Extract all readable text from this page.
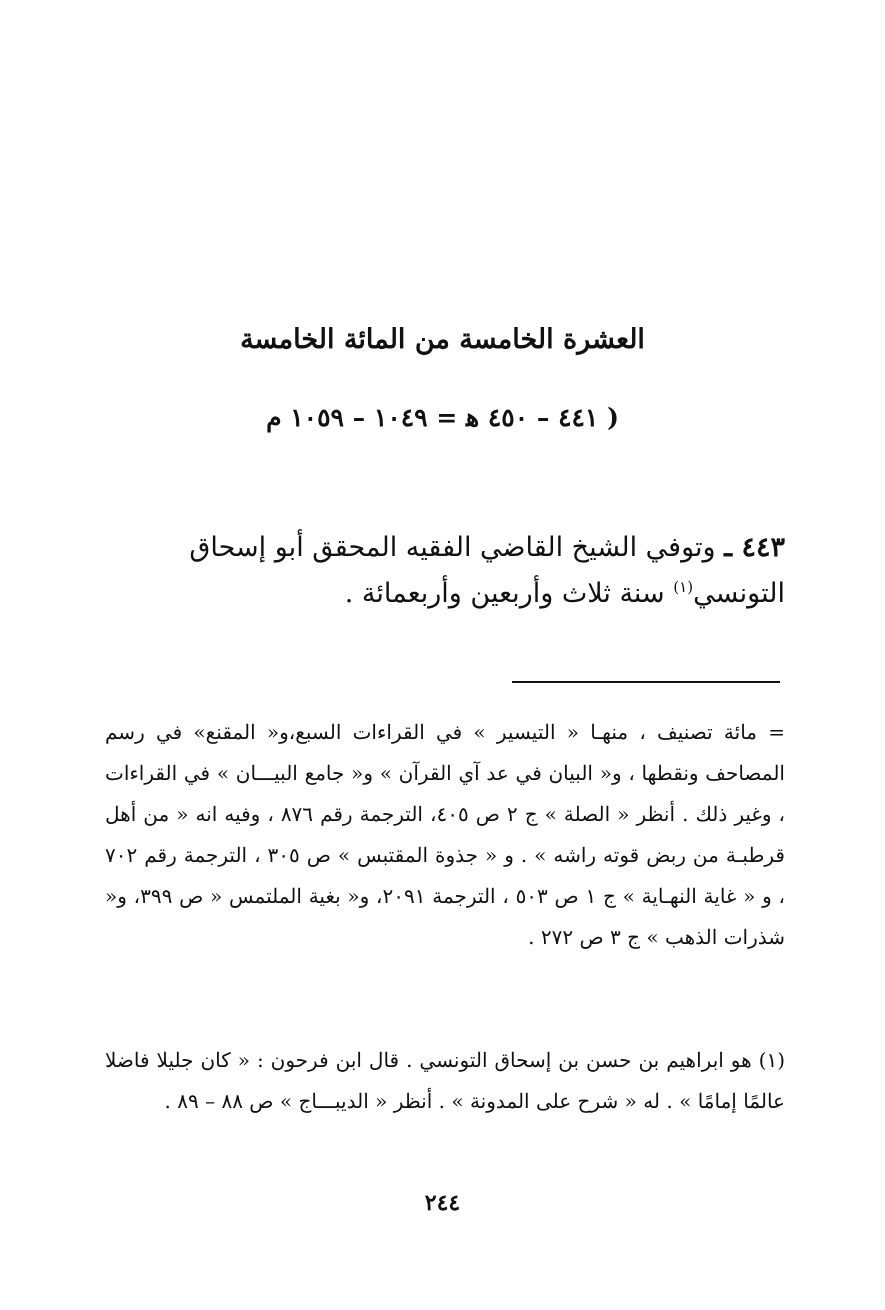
العشرة الخامسة من المائة الخامسة
( ٤٤١ – ٤٥٠ ﻫ = ١٠٤٩ – ١٠٥٩ م
٤٤٣ ـ وتوفي الشيخ القاضي الفقيه المحقق أبو إسحاق التونسي$^{(١)}$ سنة ثلاث وأربعين وأربعمائة .
= مائة تصنيف ، منهـا « التيسير » في القراءات السبع،و« المقنع» في رسم المصاحف ونقطها ، و« البيان في عد آي القرآن » و« جامع البيـــان » في القراءات ، وغير ذلك . أنظر « الصلة » ج ٢ ص ٤٠٥، الترجمة رقم ٨٧٦ ، وفيه انه « من أهل قرطبـة من ربض قوته راشه » . و « جذوة المقتبس » ص ٣٠٥ ، الترجمة رقم ٧٠٢ ، و « غاية النهـاية » ج ١ ص ٥٠٣ ، الترجمة ٢٠٩١، و« بغية الملتمس « ص ٣٩٩، و« شذرات الذهب » ج ٣ ص ٢٧٢ .
(١) هو ابراهيم بن حسن بن إسحاق التونسي . قال ابن فرحون : « كان جليلا فاضلا عالمًا إمامًا » . له « شرح على المدونة » . أنظر « الديبـــاج » ص ٨٨ – ٨٩ .
٢٤٤
